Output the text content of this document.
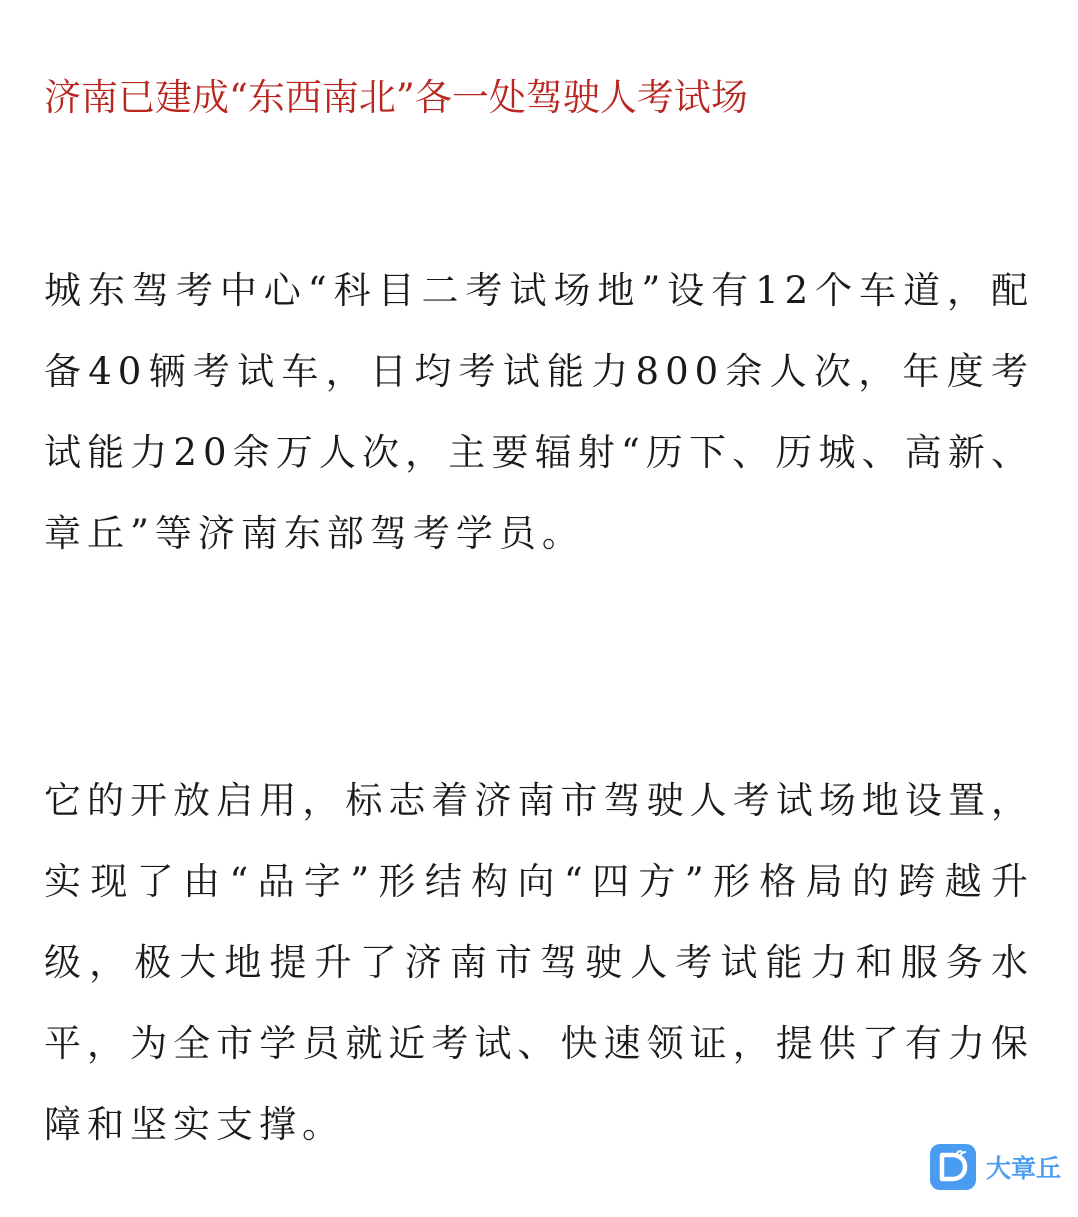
济南已建成“东西南北”各一处驾驶人考试场

城东驾考中心“科目二考试场地”设有12个车道，配备40辆考试车，日均考试能力800余人次，年度考试能力20余万人次，主要辐射“历下、历城、高新、章丘”等济南东部驾考学员。

它的开放启用，标志着济南市驾驶人考试场地设置，实现了由“品字”形结构向“四方”形格局的跨越升级，极大地提升了济南市驾驶人考试能力和服务水平，为全市学员就近考试、快速领证，提供了有力保障和坚实支撑。

大章丘
